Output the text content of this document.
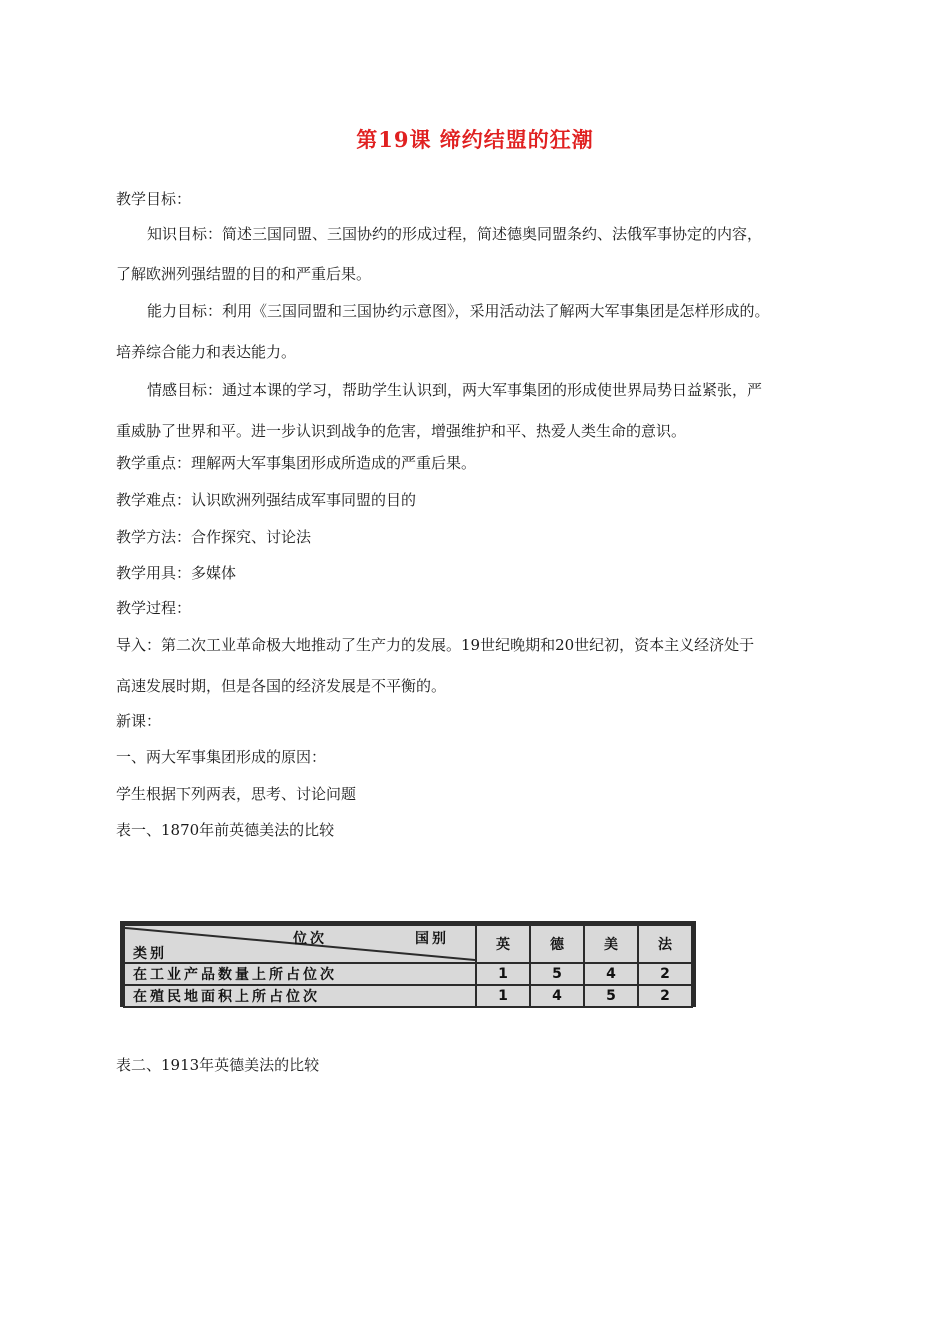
第19课 缔约结盟的狂潮
教学目标：
知识目标：简述三国同盟、三国协约的形成过程，简述德奥同盟条约、法俄军事协定的内容，
了解欧洲列强结盟的目的和严重后果。
能力目标：利用《三国同盟和三国协约示意图》，采用活动法了解两大军事集团是怎样形成的。
培养综合能力和表达能力。
情感目标：通过本课的学习，帮助学生认识到，两大军事集团的形成使世界局势日益紧张，严
重威胁了世界和平。进一步认识到战争的危害，增强维护和平、热爱人类生命的意识。
教学重点：理解两大军事集团形成所造成的严重后果。
教学难点：认识欧洲列强结成军事同盟的目的
教学方法：合作探究、讨论法
教学用具：多媒体
教学过程：
导入：第二次工业革命极大地推动了生产力的发展。19世纪晚期和20世纪初，资本主义经济处于
高速发展时期，但是各国的经济发展是不平衡的。
新课：
一、两大军事集团形成的原因：
学生根据下列两表，思考、讨论问题
表一、1870年前英德美法的比较
位次 国别
类别	英	德	美	法
在工业产品数量上所占位次	1	5	4	2
在殖民地面积上所占位次	1	4	5	2
表二、1913年英德美法的比较
